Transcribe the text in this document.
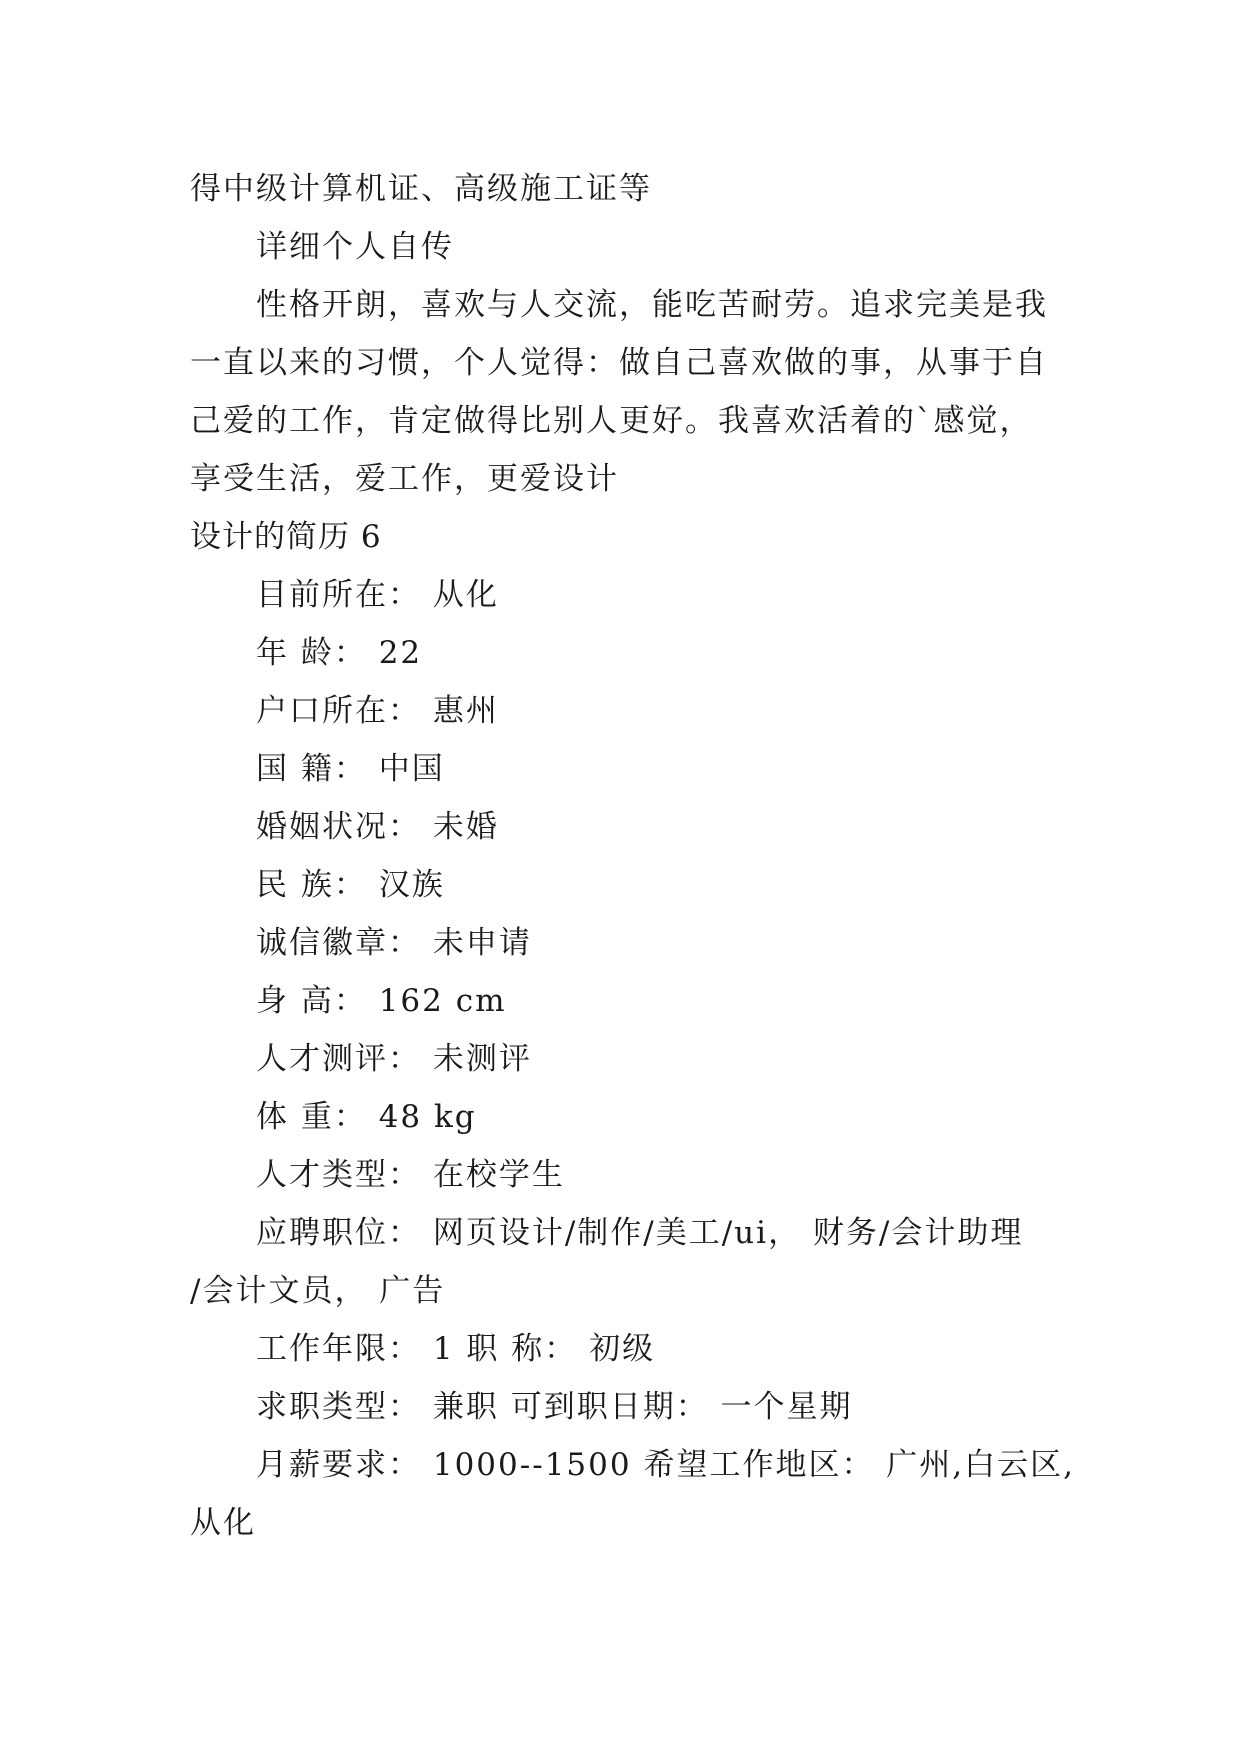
得中级计算机证、高级施工证等
详细个人自传
性格开朗，喜欢与人交流，能吃苦耐劳。追求完美是我
一直以来的习惯，个人觉得：做自己喜欢做的事，从事于自
己爱的工作，肯定做得比别人更好。我喜欢活着的`感觉，
享受生活，爱工作，更爱设计
设计的简历 6
目前所在： 从化
年 龄： 22
户口所在： 惠州
国 籍： 中国
婚姻状况： 未婚
民 族： 汉族
诚信徽章： 未申请
身 高： 162 cm
人才测评： 未测评
体 重： 48 kg
人才类型： 在校学生
应聘职位： 网页设计/制作/美工/ui， 财务/会计助理
/会计文员， 广告
工作年限： 1 职 称： 初级
求职类型： 兼职 可到职日期： 一个星期
月薪要求： 1000--1500 希望工作地区： 广州,白云区,
从化
